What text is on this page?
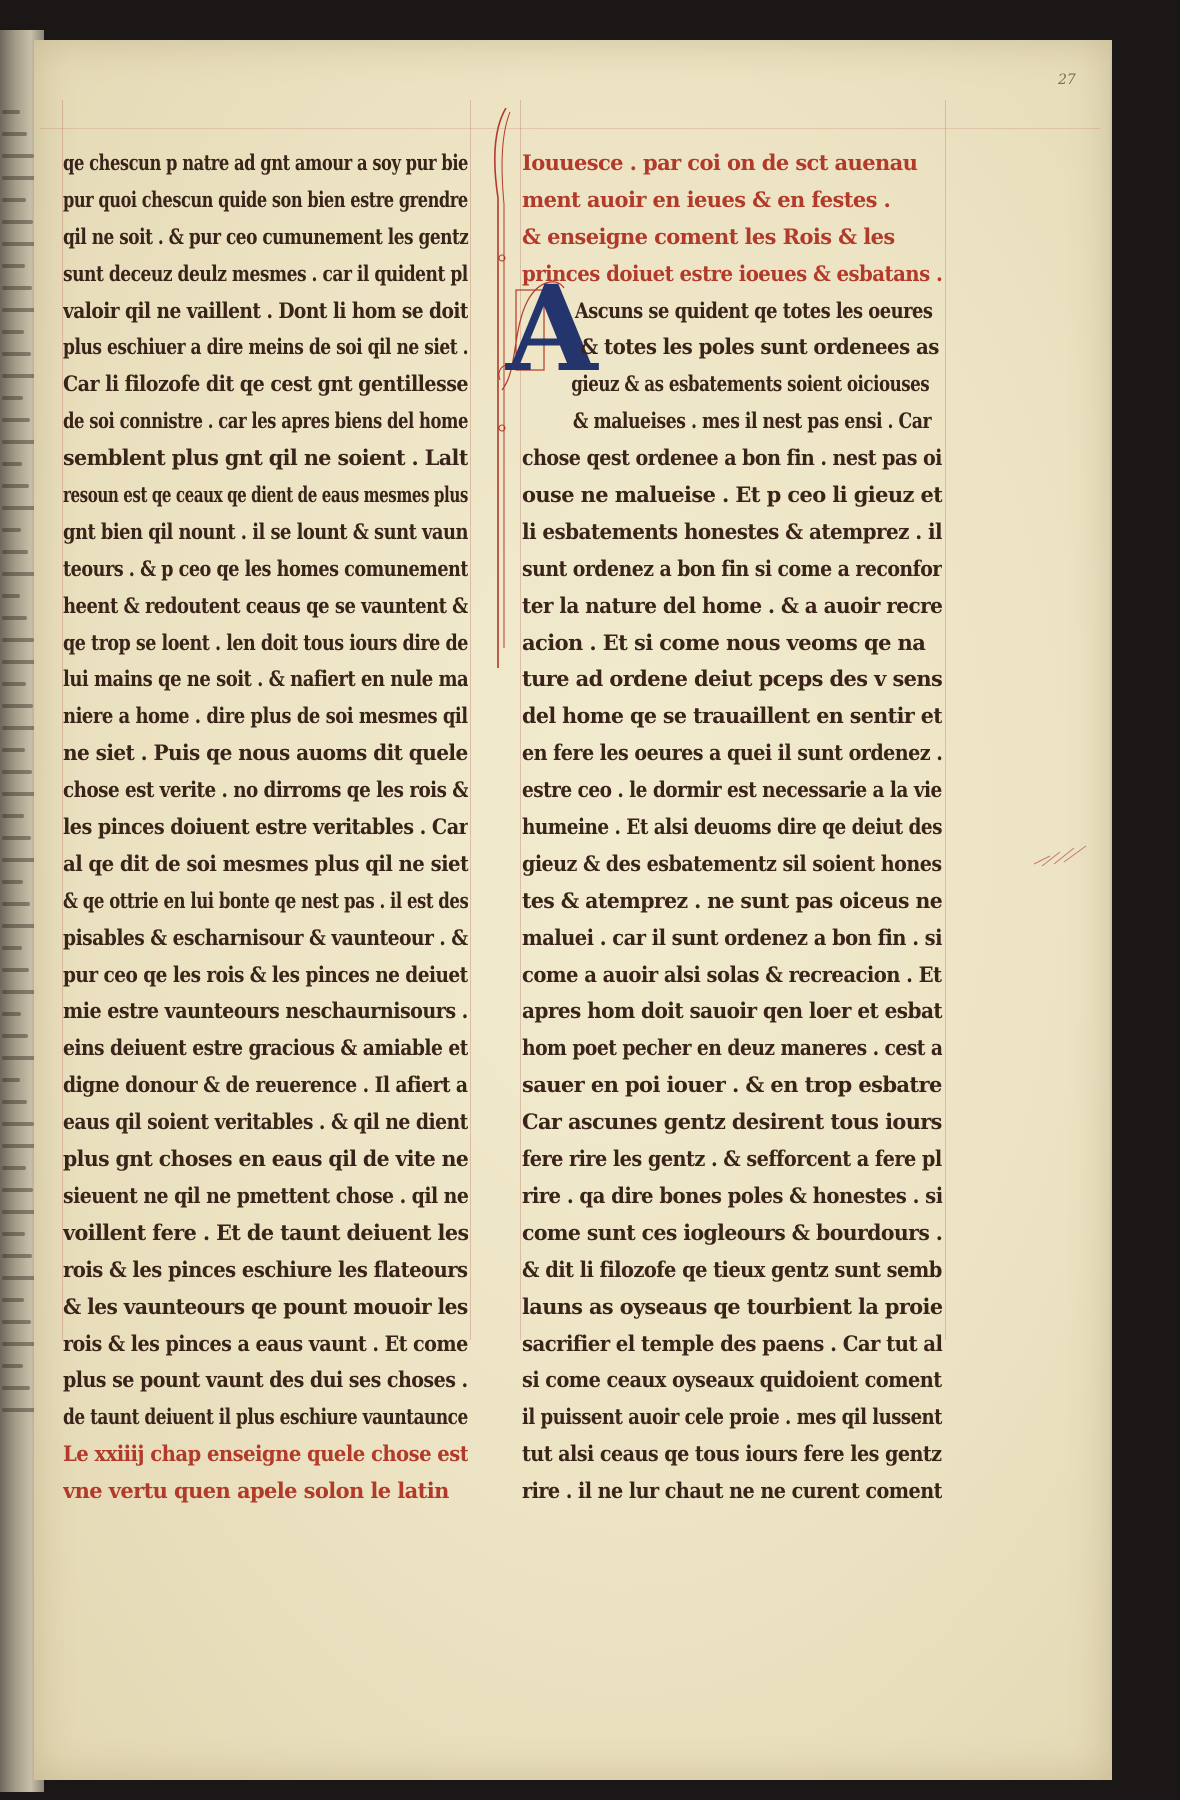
27
A
qe chescun p natre ad gnt amour a soy pur bie
pur quoi chescun quide son bien estre grendre
qil ne soit . & pur ceo cumunement les gentz
sunt deceuz deulz mesmes . car il quident pl
valoir qil ne vaillent . Dont li hom se doit
plus eschiuer a dire meins de soi qil ne siet .
Car li filozofe dit qe cest gnt gentillesse
de soi connistre . car les apres biens del home
semblent plus gnt qil ne soient . Lalt
resoun est qe ceaux qe dient de eaus mesmes plus
gnt bien qil nount . il se lount & sunt vaun
teours . & p ceo qe les homes comunement
heent & redoutent ceaus qe se vauntent &
qe trop se loent . len doit tous iours dire de
lui mains qe ne soit . & nafiert en nule ma
niere a home . dire plus de soi mesmes qil
ne siet . Puis qe nous auoms dit quele
chose est verite . no dirroms qe les rois &
les pinces doiuent estre veritables . Car
al qe dit de soi mesmes plus qil ne siet
& qe ottrie en lui bonte qe nest pas . il est des
pisables & escharnisour & vaunteour . &
pur ceo qe les rois & les pinces ne deiuet
mie estre vaunteours neschaurnisours .
eins deiuent estre gracious & amiable et
digne donour & de reuerence . Il afiert a
eaus qil soient veritables . & qil ne dient
plus gnt choses en eaus qil de vite ne
sieuent ne qil ne pmettent chose . qil ne
voillent fere . Et de taunt deiuent les
rois & les pinces eschiure les flateours
& les vaunteours qe pount mouoir les
rois & les pinces a eaus vaunt . Et come
plus se pount vaunt des dui ses choses .
de taunt deiuent il plus eschiure vauntaunce
Le xxiiij chap enseigne quele chose est
vne vertu quen apele solon le latin
Iouuesce . par coi on de sct auenau
ment auoir en ieues & en festes .
& enseigne coment les Rois & les
princes doiuet estre ioeues & esbatans .
Ascuns se quident qe totes les oeures
& totes les poles sunt ordenees as
gieuz & as esbatements soient oiciouses
& malueises . mes il nest pas ensi . Car
chose qest ordenee a bon fin . nest pas oi
ouse ne malueise . Et p ceo li gieuz et
li esbatements honestes & atemprez . il
sunt ordenez a bon fin si come a reconfor
ter la nature del home . & a auoir recre
acion . Et si come nous veoms qe na
ture ad ordene deiut pceps des v sens
del home qe se trauaillent en sentir et
en fere les oeures a quei il sunt ordenez .
estre ceo . le dormir est necessarie a la vie
humeine . Et alsi deuoms dire qe deiut des
gieuz & des esbatementz sil soient hones
tes & atemprez . ne sunt pas oiceus ne
maluei . car il sunt ordenez a bon fin . si
come a auoir alsi solas & recreacion . Et
apres hom doit sauoir qen loer et esbat
hom poet pecher en deuz maneres . cest a
sauer en poi iouer . & en trop esbatre
Car ascunes gentz desirent tous iours
fere rire les gentz . & sefforcent a fere pl
rire . qa dire bones poles & honestes . si
come sunt ces iogleours & bourdours .
& dit li filozofe qe tieux gentz sunt semb
launs as oyseaus qe tourbient la proie
sacrifier el temple des paens . Car tut al
si come ceaux oyseaux quidoient coment
il puissent auoir cele proie . mes qil lussent
tut alsi ceaus qe tous iours fere les gentz
rire . il ne lur chaut ne ne curent coment
